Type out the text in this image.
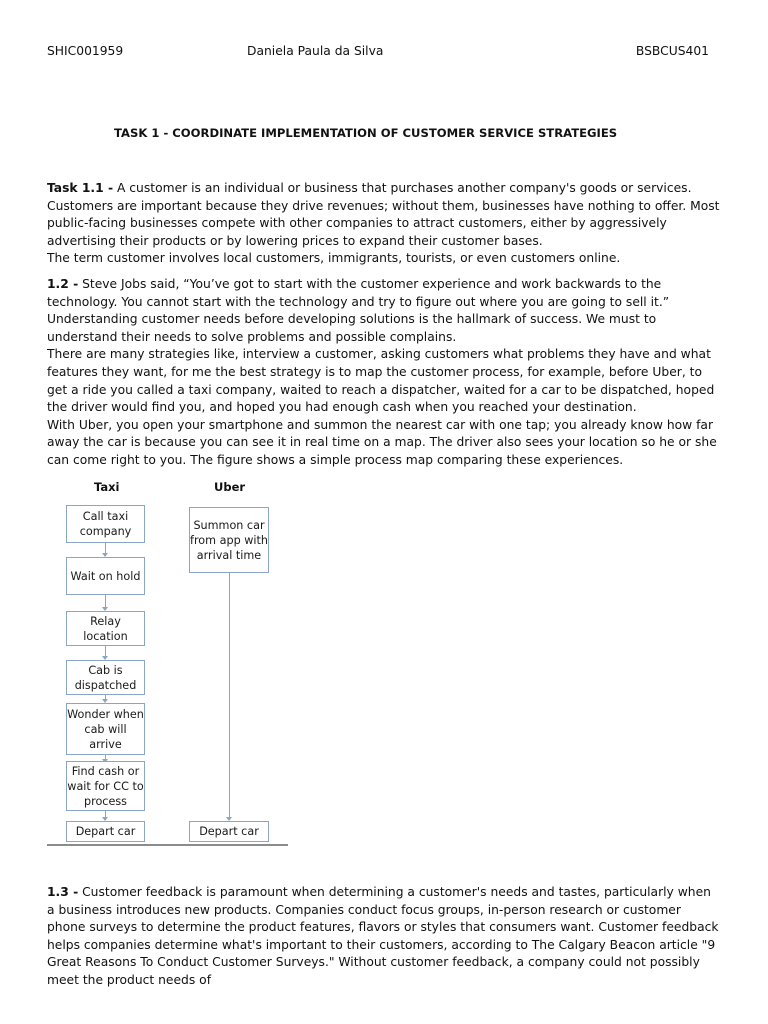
SHIC001959	Daniela Paula da Silva	BSBCUS401
TASK 1 - COORDINATE IMPLEMENTATION OF CUSTOMER SERVICE STRATEGIES

Task 1.1 - A customer is an individual or business that purchases another company's goods or services. Customers are important because they drive revenues; without them, businesses have nothing to offer. Most public-facing businesses compete with other companies to attract customers, either by aggressively advertising their products or by lowering prices to expand their customer bases.

The term customer involves local customers, immigrants, tourists, or even customers online.

1.2 - Steve Jobs said, “You’ve got to start with the customer experience and work backwards to the technology. You cannot start with the technology and try to figure out where you are going to sell it.” Understanding customer needs before developing solutions is the hallmark of success. We must to understand their needs to solve problems and possible complains.

There are many strategies like, interview a customer, asking customers what problems they have and what features they want, for me the best strategy is to map the customer process, for example, before Uber, to get a ride you called a taxi company, waited to reach a dispatcher, waited for a car to be dispatched, hoped the driver would find you, and hoped you had enough cash when you reached your destination.

With Uber, you open your smartphone and summon the nearest car with one tap; you already know how far away the car is because you can see it in real time on a map. The driver also sees your location so he or she can come right to you. The figure shows a simple process map comparing these experiences.

Taxi	Uber
Call taxi company
Wait on hold
Relay location
Cab is dispatched
Wonder when cab will arrive
Find cash or wait for CC to process
Depart car
Summon car from app with arrival time
Depart car

1.3 - Customer feedback is paramount when determining a customer's needs and tastes, particularly when a business introduces new products. Companies conduct focus groups, in-person research or customer phone surveys to determine the product features, flavors or styles that consumers want. Customer feedback helps companies determine what's important to their customers, according to The Calgary Beacon article "9 Great Reasons To Conduct Customer Surveys." Without customer feedback, a company could not possibly meet the product needs of
